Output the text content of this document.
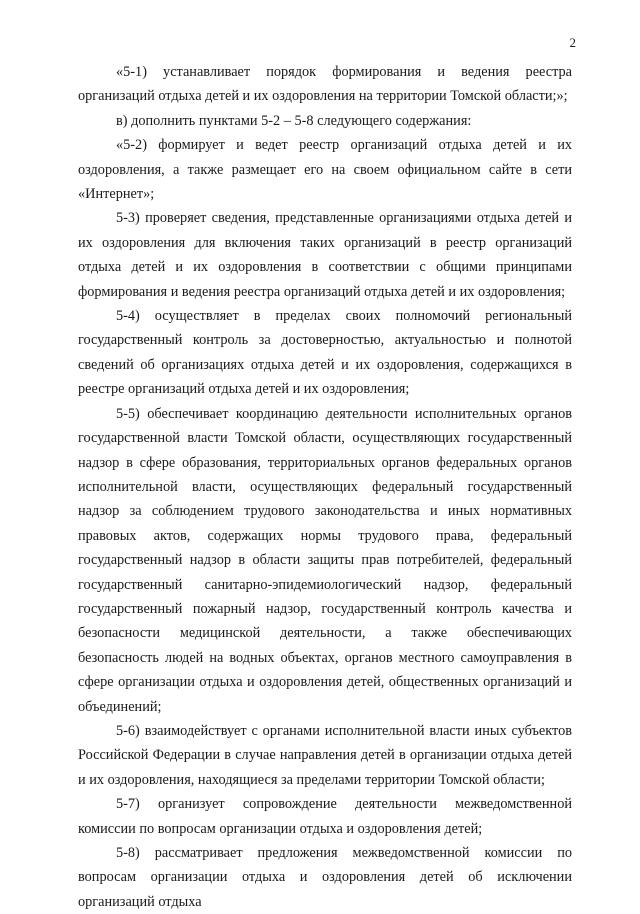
2

«5-1) устанавливает порядок формирования и ведения реестра организаций отдыха детей и их оздоровления на территории Томской области;»;

в) дополнить пунктами 5-2 – 5-8 следующего содержания:

«5-2) формирует и ведет реестр организаций отдыха детей и их оздоровления, а также размещает его на своем официальном сайте в сети «Интернет»;

5-3) проверяет сведения, представленные организациями отдыха детей и их оздоровления для включения таких организаций в реестр организаций отдыха детей и их оздоровления в соответствии с общими принципами формирования и ведения реестра организаций отдыха детей и их оздоровления;

5-4) осуществляет в пределах своих полномочий региональный государственный контроль за достоверностью, актуальностью и полнотой сведений об организациях отдыха детей и их оздоровления, содержащихся в реестре организаций отдыха детей и их оздоровления;

5-5) обеспечивает координацию деятельности исполнительных органов государственной власти Томской области, осуществляющих государственный надзор в сфере образования, территориальных органов федеральных органов исполнительной власти, осуществляющих федеральный государственный надзор за соблюдением трудового законодательства и иных нормативных правовых актов, содержащих нормы трудового права, федеральный государственный надзор в области защиты прав потребителей, федеральный государственный санитарно-эпидемиологический надзор, федеральный государственный пожарный надзор, государственный контроль качества и безопасности медицинской деятельности, а также обеспечивающих безопасность людей на водных объектах, органов местного самоуправления в сфере организации отдыха и оздоровления детей, общественных организаций и объединений;

5-6) взаимодействует с органами исполнительной власти иных субъектов Российской Федерации в случае направления детей в организации отдыха детей и их оздоровления, находящиеся за пределами территории Томской области;

5-7) организует сопровождение деятельности межведомственной комиссии по вопросам организации отдыха и оздоровления детей;

5-8) рассматривает предложения межведомственной комиссии по вопросам организации отдыха и оздоровления детей об исключении организаций отдыха
